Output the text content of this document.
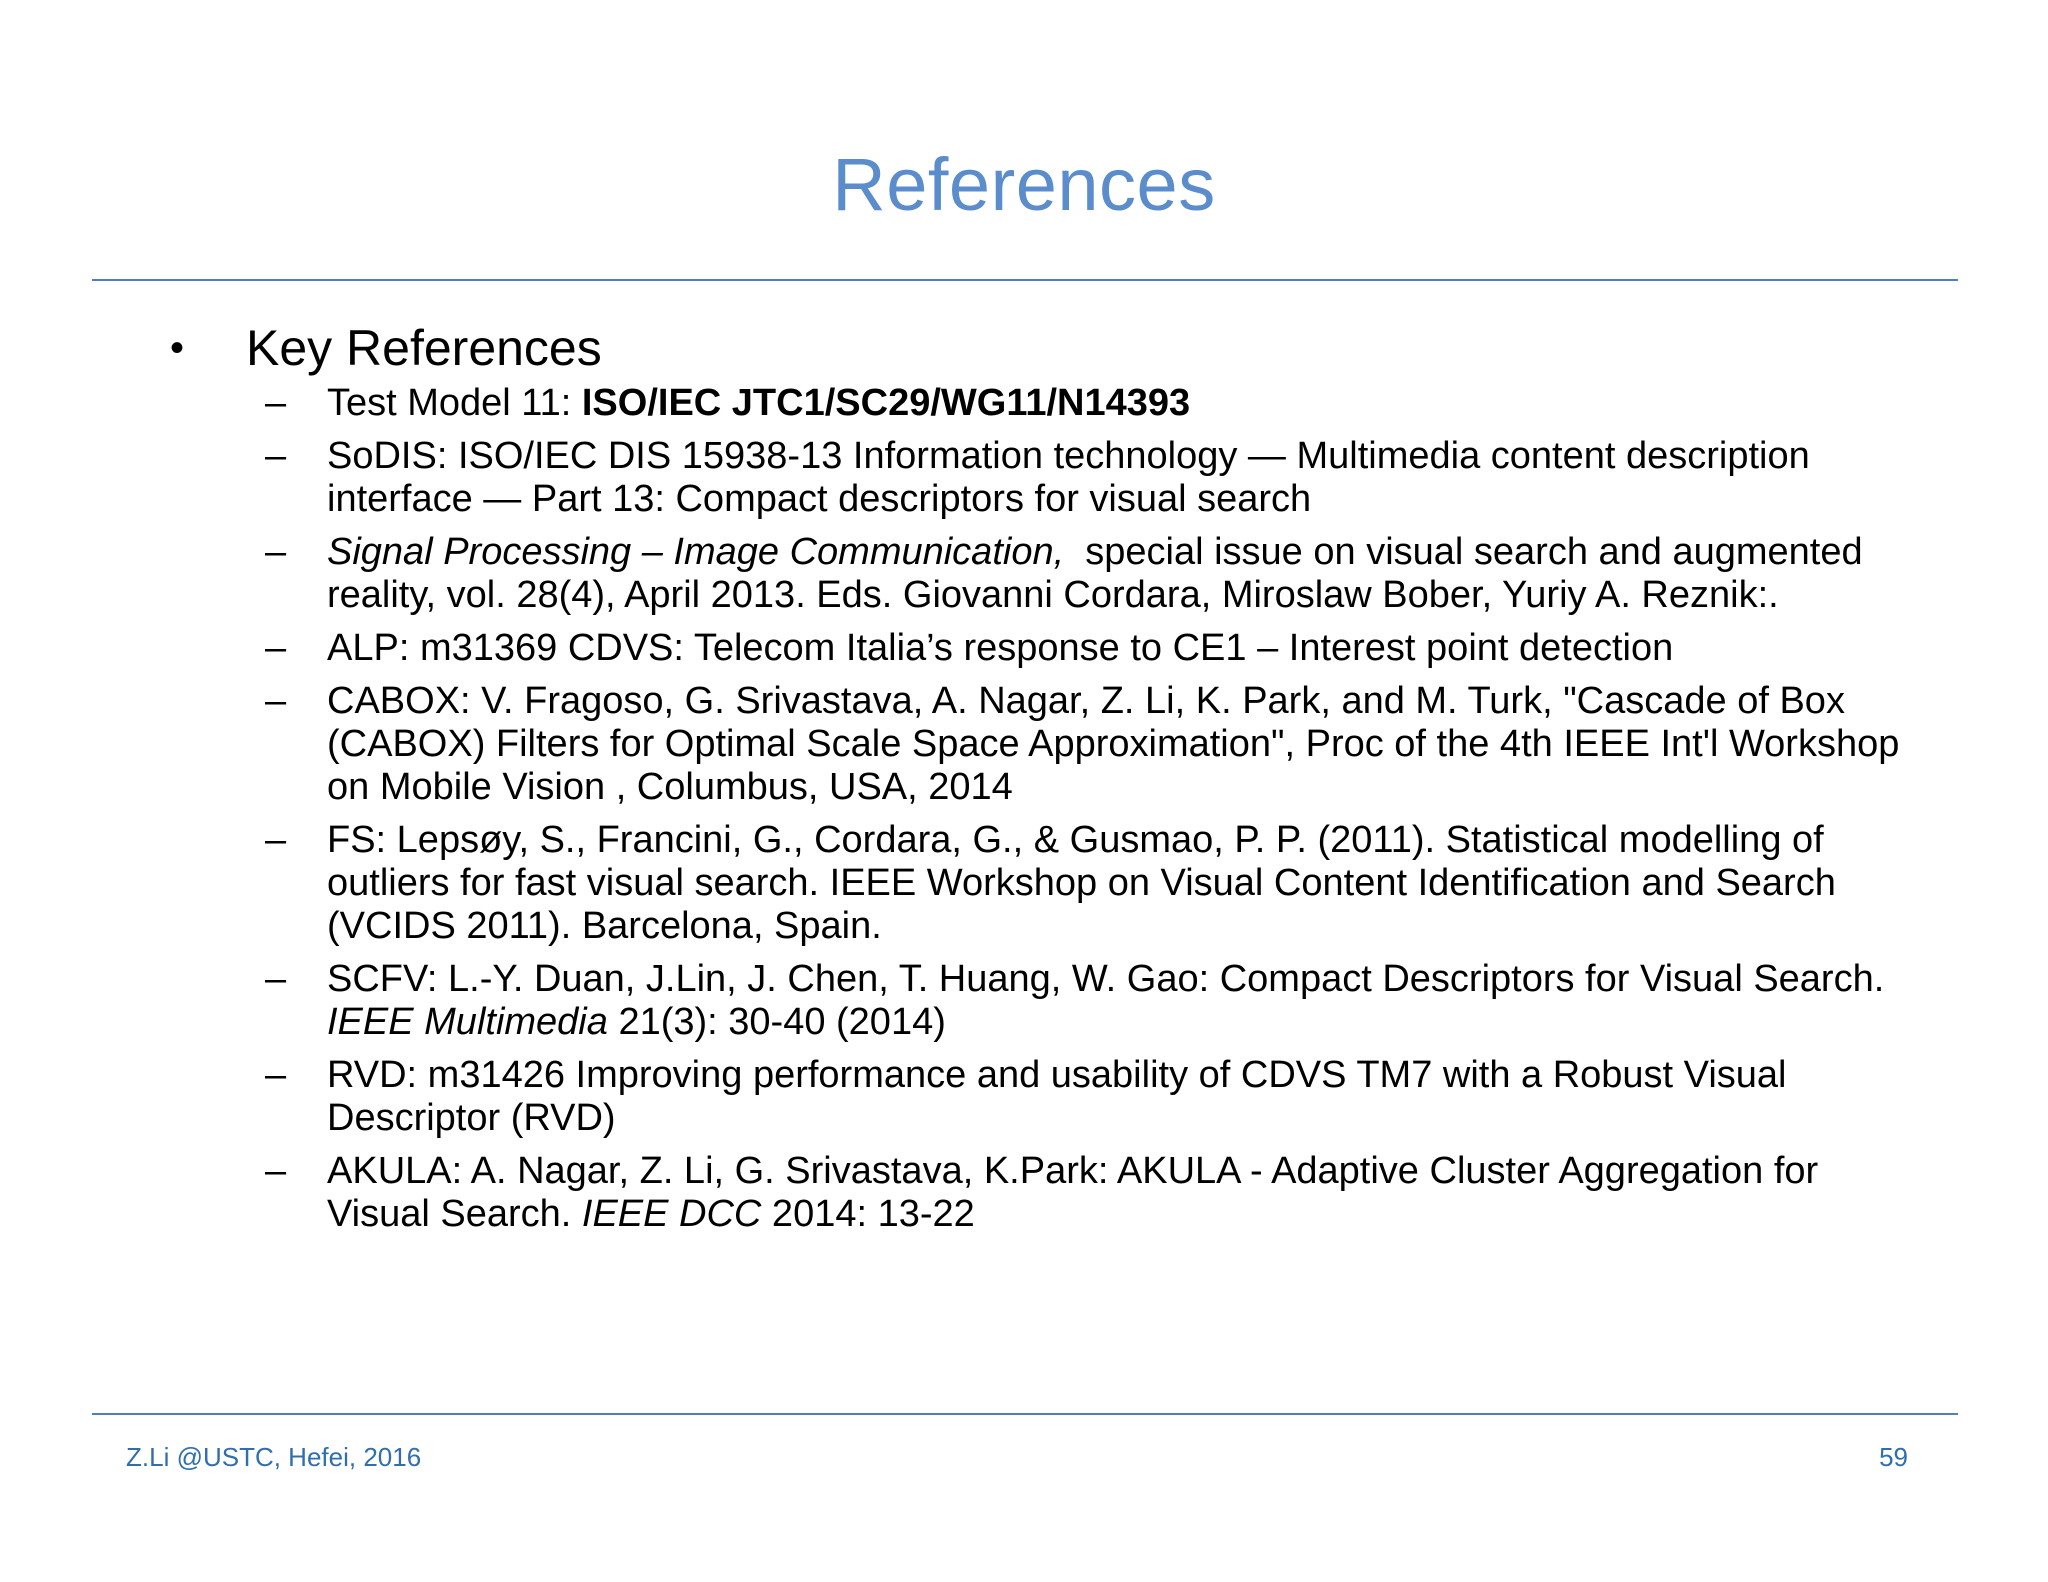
References
•	Key References
–	Test Model 11: ISO/IEC JTC1/SC29/WG11/N14393
–	SoDIS: ISO/IEC DIS 15938-13 Information technology — Multimedia content description interface — Part 13: Compact descriptors for visual search
–	Signal Processing – Image Communication,  special issue on visual search and augmented reality, vol. 28(4), April 2013. Eds. Giovanni Cordara, Miroslaw Bober, Yuriy A. Reznik:.
–	ALP: m31369 CDVS: Telecom Italia’s response to CE1 – Interest point detection
–	CABOX: V. Fragoso, G. Srivastava, A. Nagar, Z. Li, K. Park, and M. Turk, "Cascade of Box (CABOX) Filters for Optimal Scale Space Approximation", Proc of the 4th IEEE Int'l Workshop on Mobile Vision , Columbus, USA, 2014
–	FS: Lepsøy, S., Francini, G., Cordara, G., & Gusmao, P. P. (2011). Statistical modelling of outliers for fast visual search. IEEE Workshop on Visual Content Identification and Search (VCIDS 2011). Barcelona, Spain.
–	SCFV: L.-Y. Duan, J.Lin, J. Chen, T. Huang, W. Gao: Compact Descriptors for Visual Search. IEEE Multimedia 21(3): 30-40 (2014)
–	RVD: m31426 Improving performance and usability of CDVS TM7 with a Robust Visual Descriptor (RVD)
–	AKULA: A. Nagar, Z. Li, G. Srivastava, K.Park: AKULA - Adaptive Cluster Aggregation for Visual Search. IEEE DCC 2014: 13-22
Z.Li @USTC, Hefei, 2016	59
